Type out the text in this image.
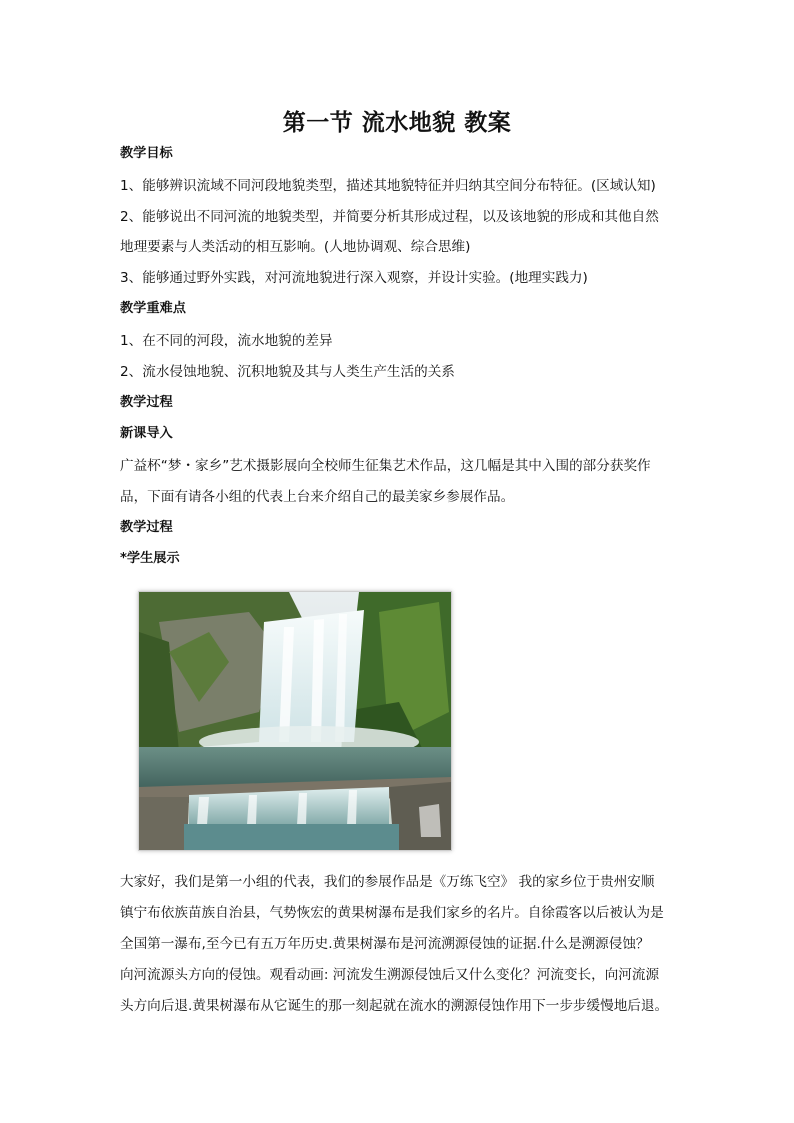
第一节 流水地貌 教案
教学目标
1、能够辨识流域不同河段地貌类型，描述其地貌特征并归纳其空间分布特征。(区域认知)
2、能够说出不同河流的地貌类型，并简要分析其形成过程，以及该地貌的形成和其他自然
地理要素与人类活动的相互影响。(人地协调观、综合思维)
3、能够通过野外实践，对河流地貌进行深入观察，并设计实验。(地理实践力)
教学重难点
1、在不同的河段，流水地貌的差异
2、流水侵蚀地貌、沉积地貌及其与人类生产生活的关系
教学过程
新课导入
广益杯“梦・家乡”艺术摄影展向全校师生征集艺术作品，这几幅是其中入围的部分获奖作
品，下面有请各小组的代表上台来介绍自己的最美家乡参展作品。
教学过程
*学生展示
大家好，我们是第一小组的代表，我们的参展作品是《万练飞空》 我的家乡位于贵州安顺
镇宁布依族苗族自治县，气势恢宏的黄果树瀑布是我们家乡的名片。自徐霞客以后被认为是
全国第一瀑布,至今已有五万年历史.黄果树瀑布是河流溯源侵蚀的证据.什么是溯源侵蚀？
向河流源头方向的侵蚀。观看动画: 河流发生溯源侵蚀后又什么变化？河流变长，向河流源
头方向后退.黄果树瀑布从它诞生的那一刻起就在流水的溯源侵蚀作用下一步步缓慢地后退。
